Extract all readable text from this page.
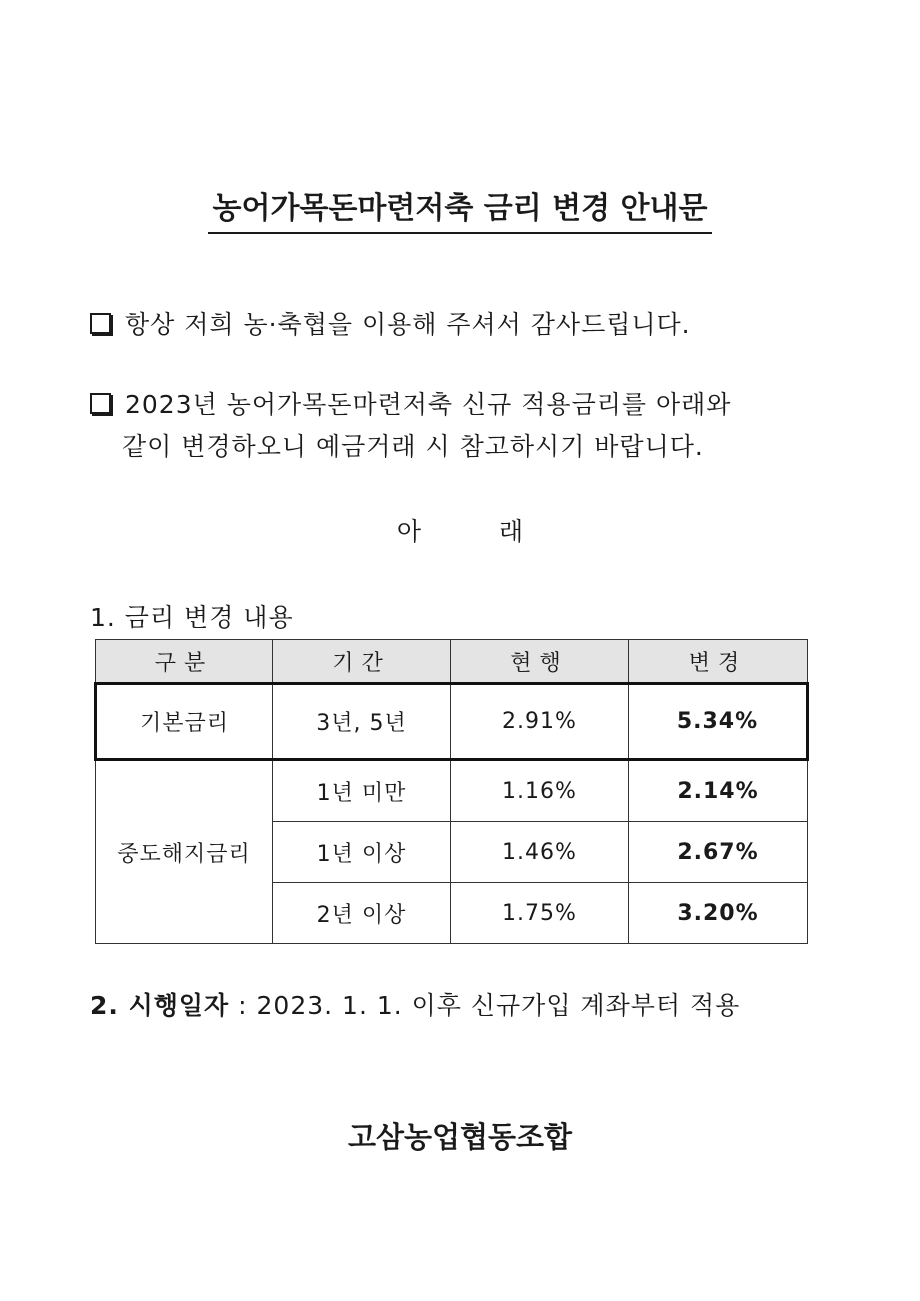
농어가목돈마련저축 금리 변경 안내문
항상 저희 농·축협을 이용해 주셔서 감사드립니다.
2023년 농어가목돈마련저축 신규 적용금리를 아래와
같이 변경하오니 예금거래 시 참고하시기 바랍니다.
아 래
1. 금리 변경 내용
구분	기간	현행	변경
기본금리	3년, 5년	2.91%	5.34%
중도해지금리	1년 미만	1.16%	2.14%
	1년 이상	1.46%	2.67%
	2년 이상	1.75%	3.20%
2. 시행일자 : 2023. 1. 1. 이후 신규가입 계좌부터 적용
고삼농업협동조합
